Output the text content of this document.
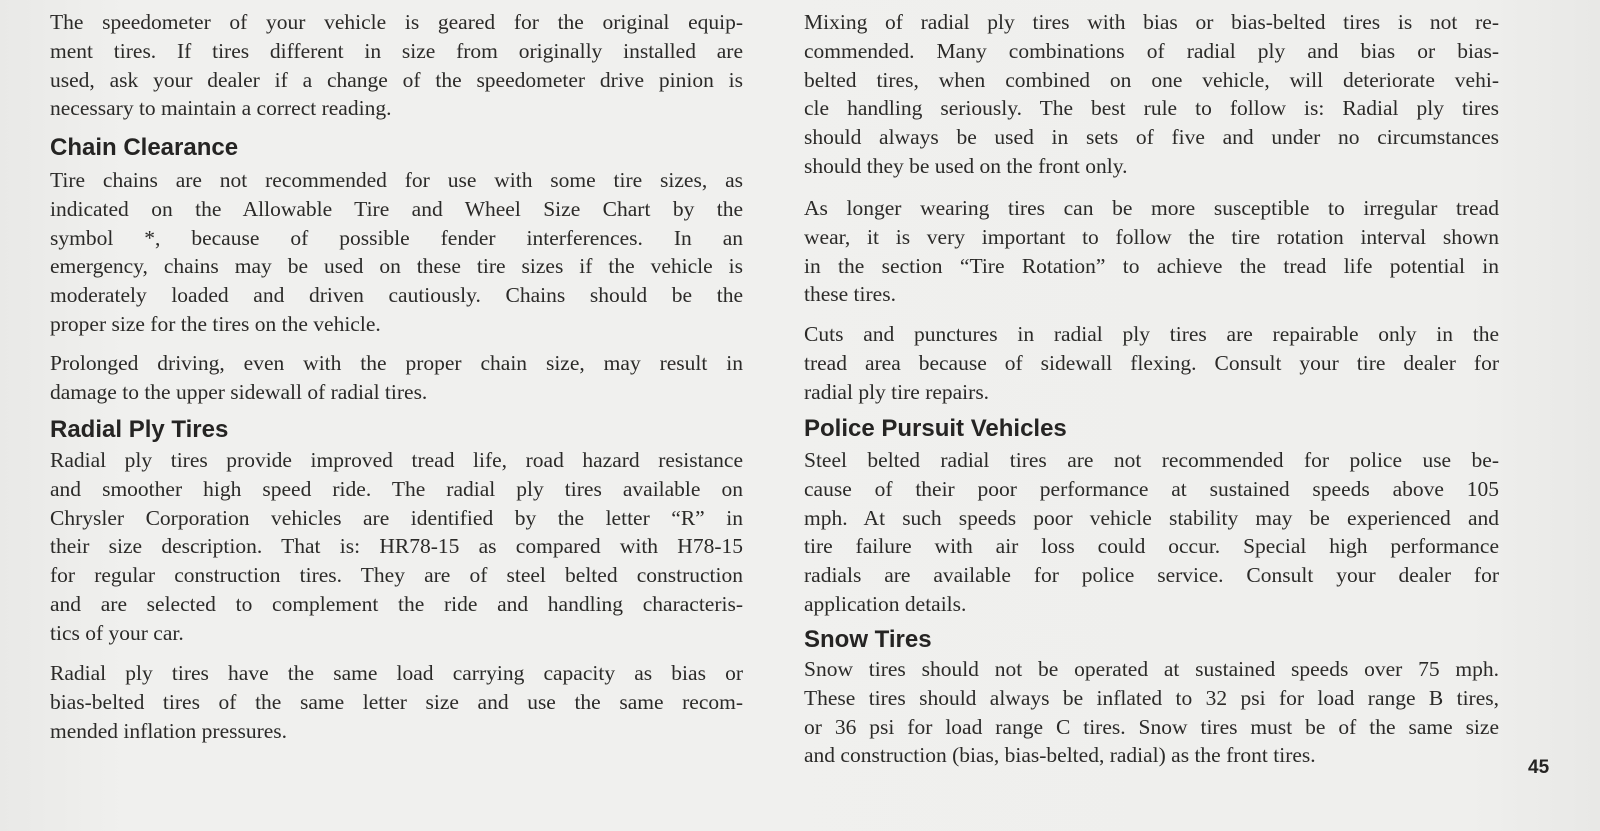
The speedometer of your vehicle is geared for the original equip-
ment tires. If tires different in size from originally installed are
used, ask your dealer if a change of the speedometer drive pinion is
necessary to maintain a correct reading.
Chain Clearance
Tire chains are not recommended for use with some tire sizes, as
indicated on the Allowable Tire and Wheel Size Chart by the
symbol *, because of possible fender interferences. In an
emergency, chains may be used on these tire sizes if the vehicle is
moderately loaded and driven cautiously. Chains should be the
proper size for the tires on the vehicle.
Prolonged driving, even with the proper chain size, may result in
damage to the upper sidewall of radial tires.
Radial Ply Tires
Radial ply tires provide improved tread life, road hazard resistance
and smoother high speed ride. The radial ply tires available on
Chrysler Corporation vehicles are identified by the letter “R” in
their size description. That is: HR78-15 as compared with H78-15
for regular construction tires. They are of steel belted construction
and are selected to complement the ride and handling characteris-
tics of your car.
Radial ply tires have the same load carrying capacity as bias or
bias-belted tires of the same letter size and use the same recom-
mended inflation pressures.
Mixing of radial ply tires with bias or bias-belted tires is not re-
commended. Many combinations of radial ply and bias or bias-
belted tires, when combined on one vehicle, will deteriorate vehi-
cle handling seriously. The best rule to follow is: Radial ply tires
should always be used in sets of five and under no circumstances
should they be used on the front only.
As longer wearing tires can be more susceptible to irregular tread
wear, it is very important to follow the tire rotation interval shown
in the section “Tire Rotation” to achieve the tread life potential in
these tires.
Cuts and punctures in radial ply tires are repairable only in the
tread area because of sidewall flexing. Consult your tire dealer for
radial ply tire repairs.
Police Pursuit Vehicles
Steel belted radial tires are not recommended for police use be-
cause of their poor performance at sustained speeds above 105
mph. At such speeds poor vehicle stability may be experienced and
tire failure with air loss could occur. Special high performance
radials are available for police service. Consult your dealer for
application details.
Snow Tires
Snow tires should not be operated at sustained speeds over 75 mph.
These tires should always be inflated to 32 psi for load range B tires,
or 36 psi for load range C tires. Snow tires must be of the same size
and construction (bias, bias-belted, radial) as the front tires.
45
